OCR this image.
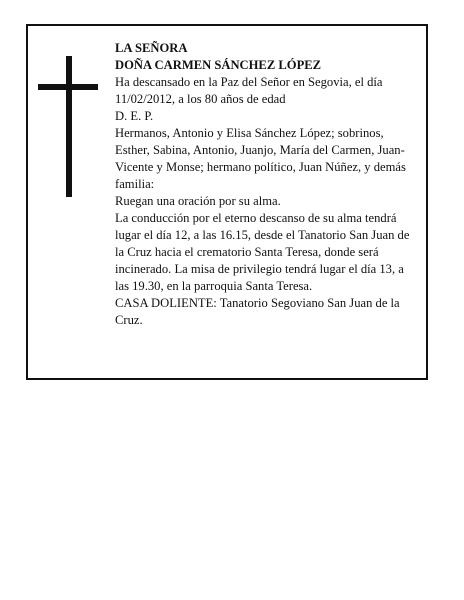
LA SEÑORA

DOÑA CARMEN SÁNCHEZ LÓPEZ

Ha descansado en la Paz del Señor en Segovia, el día 11/02/2012, a los 80 años de edad

D. E. P.

Hermanos, Antonio y Elisa Sánchez López; sobrinos, Esther, Sabina, Antonio, Juanjo, María del Carmen, Juan-Vicente y Monse; hermano político, Juan Núñez, y demás familia:

Ruegan una oración por su alma.

La conducción por el eterno descanso de su alma tendrá lugar el día 12, a las 16.15, desde el Tanatorio San Juan de la Cruz hacia el crematorio Santa Teresa, donde será incinerado. La misa de privilegio tendrá lugar el día 13, a las 19.30, en la parroquia Santa Teresa.

CASA DOLIENTE: Tanatorio Segoviano San Juan de la Cruz.
